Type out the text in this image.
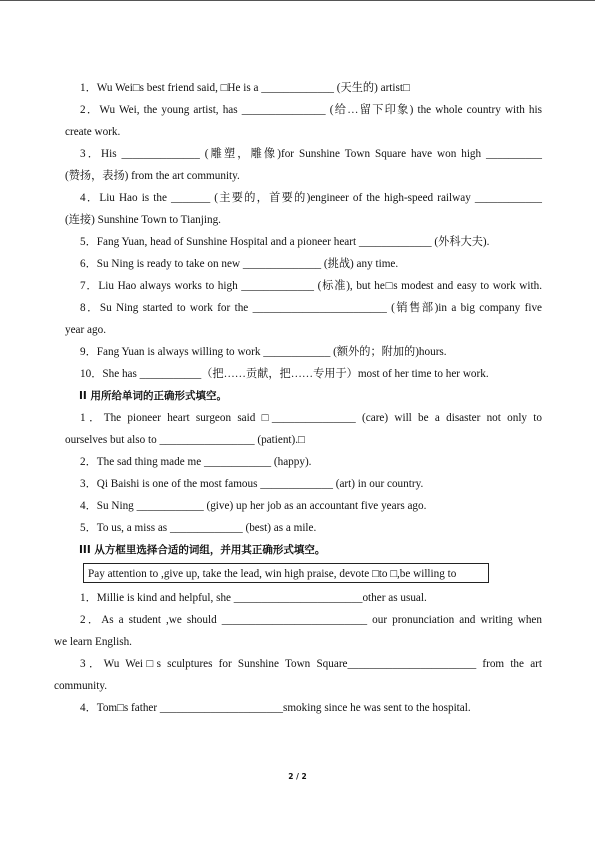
1．Wu Wei□s best friend said, □He is a _____________ (天生的) artist□
2．Wu Wei, the young artist, has _______________ (给…留下印象) the whole country with his
create work.
3．His ______________ (雕塑，雕像)for Sunshine Town Square have won high __________
(赞扬，表扬) from the art community.
4．Liu Hao is the _______ (主要的，首要的)engineer of the high-speed railway ____________
(连接) Sunshine Town to Tianjing.
5．Fang Yuan, head of Sunshine Hospital and a pioneer heart _____________ (外科大夫).
6．Su Ning is ready to take on new ______________ (挑战) any time.
7．Liu Hao always works to high _____________ (标准), but he□s modest and easy to work with.
8．Su Ning started to work for the ________________________ (销售部)in a big company five
year ago.
9．Fang Yuan is always willing to work ____________ (额外的；附加的)hours.
10．She has ___________（把……贡献，把……专用于）most of her time to her work.
II 用所给单词的正确形式填空。
1．The pioneer heart surgeon said □_______________ (care) will be a disaster not only to
ourselves but also to _________________ (patient).□
2．The sad thing made me ____________ (happy).
3．Qi Baishi is one of the most famous _____________ (art) in our country.
4．Su Ning ____________ (give) up her job as an accountant five years ago.
5．To us, a miss as _____________ (best) as a mile.
III 从方框里选择合适的词组，并用其正确形式填空。
Pay attention to ,give up, take the lead, win high praise, devote □to □,be willing to
1．Millie is kind and helpful, she _______________________other as usual.
2．As a student ,we should __________________________ our pronunciation and writing when
we learn English.
3．Wu Wei□s sculptures for Sunshine Town Square_______________________ from the art
community.
4．Tom□s father ______________________smoking since he was sent to the hospital.
2 / 2
